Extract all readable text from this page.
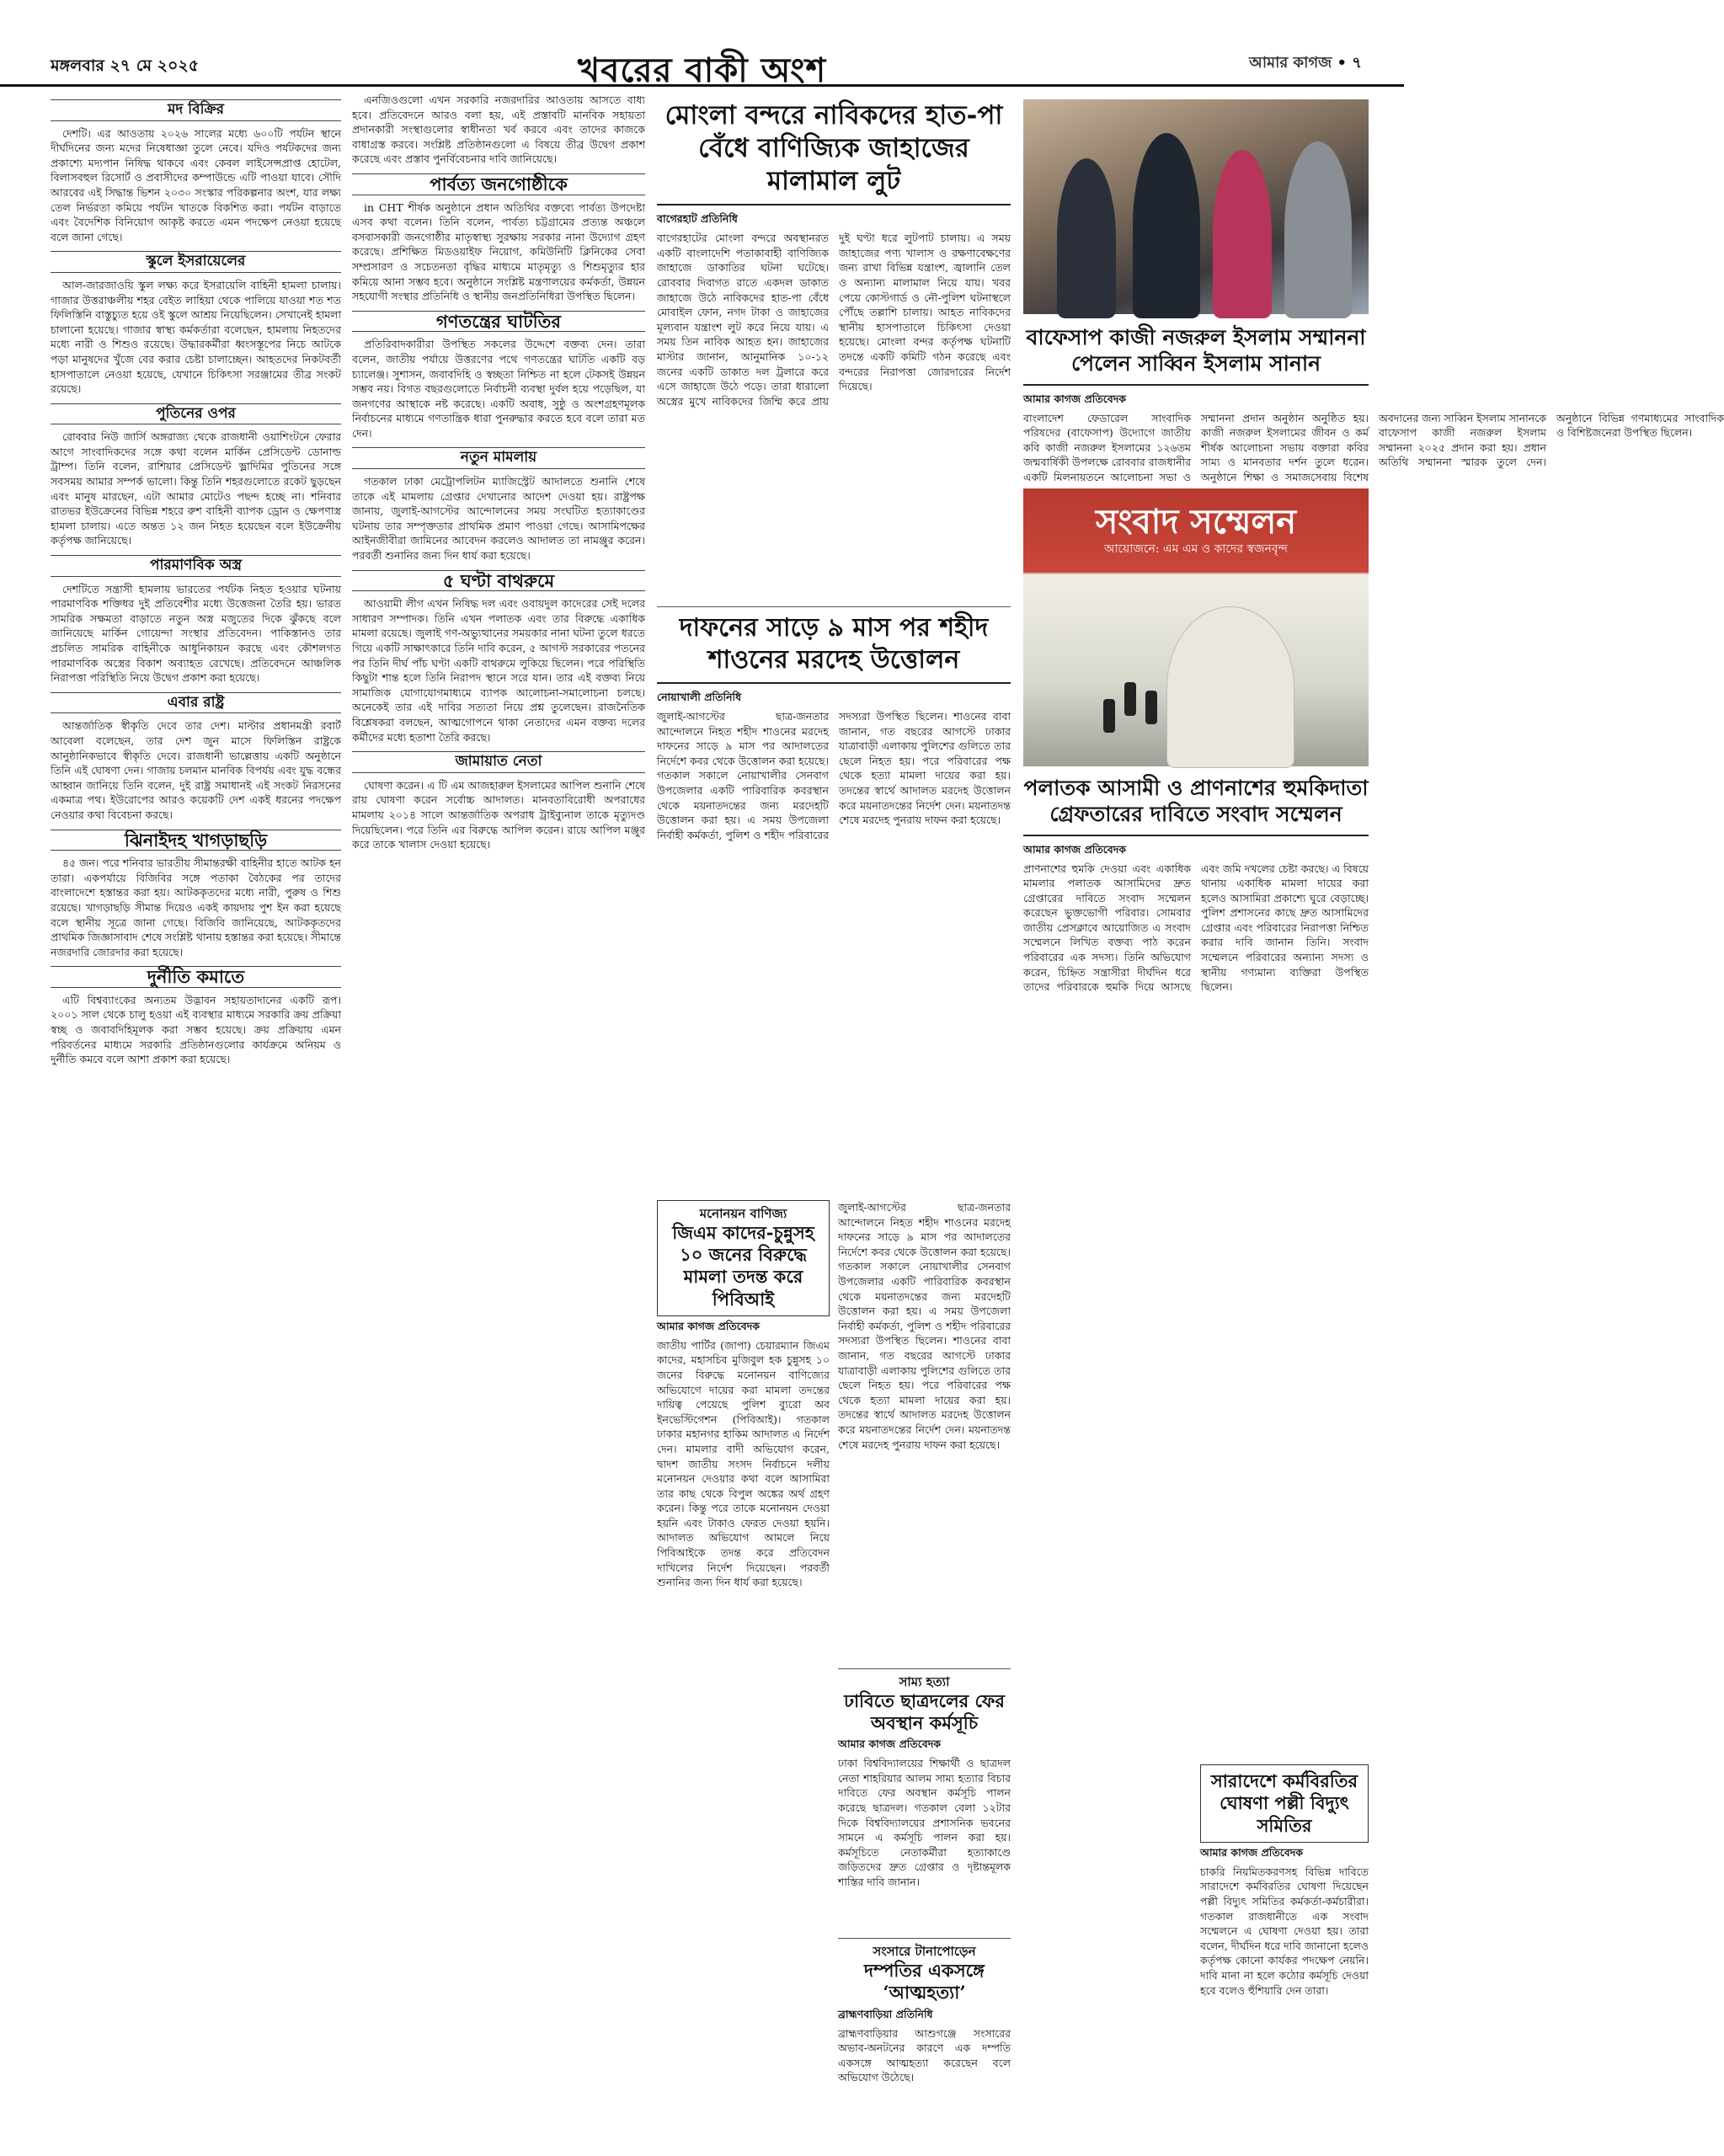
মঙ্গলবার ২৭ মে ২০২৫	খবরের বাকী অংশ	আমার কাগজ • ৭
মদ বিক্রির

দেশটি। এর আওতায় ২০২৬ সালের মধ্যে ৬০০টি পর্যটন স্থানে দীর্ঘদিনের জন্য মদের নিষেধাজ্ঞা তুলে নেবে। যদিও পর্যটকদের জন্য প্রকাশ্যে মদ্যপান নিষিদ্ধ থাকবে এবং কেবল লাইসেন্সপ্রাপ্ত হোটেল, বিলাসবহুল রিসোর্ট ও প্রবাসীদের কম্পাউন্ডে এটি পাওয়া যাবে। সৌদি আরবের এই সিদ্ধান্ত ভিশন ২০৩০ সংস্কার পরিকল্পনার অংশ, যার লক্ষ্য তেল নির্ভরতা কমিয়ে পর্যটন খাতকে বিকশিত করা। পর্যটন বাড়াতে এবং বৈদেশিক বিনিয়োগ আকৃষ্ট করতে এমন পদক্ষেপ নেওয়া হয়েছে বলে জানা গেছে।

স্কুলে ইসরায়েলের

আল-জারজাওয়ি স্কুল লক্ষ্য করে ইসরায়েলি বাহিনী হামলা চালায়। গাজার উত্তরাঞ্চলীয় শহর বেইত লাহিয়া থেকে পালিয়ে যাওয়া শত শত ফিলিস্তিনি বাস্তুচ্যুত হয়ে ওই স্কুলে আশ্রয় নিয়েছিলেন। সেখানেই হামলা চালানো হয়েছে। গাজার স্বাস্থ্য কর্মকর্তারা বলেছেন, হামলায় নিহতদের মধ্যে নারী ও শিশুও রয়েছে। উদ্ধারকর্মীরা ধ্বংসস্তূপের নিচে আটকে পড়া মানুষদের খুঁজে বের করার চেষ্টা চালাচ্ছেন। আহতদের নিকটবর্তী হাসপাতালে নেওয়া হয়েছে, যেখানে চিকিৎসা সরঞ্জামের তীব্র সংকট রয়েছে।

পুতিনের ওপর

রোববার নিউ জার্সি অঙ্গরাজ্য থেকে রাজধানী ওয়াশিংটনে ফেরার আগে সাংবাদিকদের সঙ্গে কথা বলেন মার্কিন প্রেসিডেন্ট ডোনাল্ড ট্রাম্প। তিনি বলেন, রাশিয়ার প্রেসিডেন্ট ভ্লাদিমির পুতিনের সঙ্গে সবসময় আমার সম্পর্ক ভালো। কিন্তু তিনি শহরগুলোতে রকেট ছুড়ছেন এবং মানুষ মারছেন, এটা আমার মোটেও পছন্দ হচ্ছে না। শনিবার রাতভর ইউক্রেনের বিভিন্ন শহরে রুশ বাহিনী ব্যাপক ড্রোন ও ক্ষেপণাস্ত্র হামলা চালায়। এতে অন্তত ১২ জন নিহত হয়েছেন বলে ইউক্রেনীয় কর্তৃপক্ষ জানিয়েছে।

পারমাণবিক অস্ত্র

দেশটিতে সন্ত্রাসী হামলায় ভারতের পর্যটক নিহত হওয়ার ঘটনায় পারমাণবিক শক্তিধর দুই প্রতিবেশীর মধ্যে উত্তেজনা তৈরি হয়। ভারত সামরিক সক্ষমতা বাড়াতে নতুন অস্ত্র মজুতের দিকে ঝুঁকছে বলে জানিয়েছে মার্কিন গোয়েন্দা সংস্থার প্রতিবেদন। পাকিস্তানও তার প্রচলিত সামরিক বাহিনীকে আধুনিকায়ন করছে এবং কৌশলগত পারমাণবিক অস্ত্রের বিকাশ অব্যাহত রেখেছে। প্রতিবেদনে আঞ্চলিক নিরাপত্তা পরিস্থিতি নিয়ে উদ্বেগ প্রকাশ করা হয়েছে।

এবার রাষ্ট্র

আন্তর্জাতিক স্বীকৃতি দেবে তার দেশ। মাল্টার প্রধানমন্ত্রী রবার্ট আবেলা বলেছেন, তার দেশ জুন মাসে ফিলিস্তিন রাষ্ট্রকে আনুষ্ঠানিকভাবে স্বীকৃতি দেবে। রাজধানী ভাল্লেত্তায় একটি অনুষ্ঠানে তিনি এই ঘোষণা দেন। গাজায় চলমান মানবিক বিপর্যয় এবং যুদ্ধ বন্ধের আহ্বান জানিয়ে তিনি বলেন, দুই রাষ্ট্র সমাধানই এই সংকট নিরসনের একমাত্র পথ। ইউরোপের আরও কয়েকটি দেশ একই ধরনের পদক্ষেপ নেওয়ার কথা বিবেচনা করছে।

ঝিনাইদহ খাগড়াছড়ি

৪৫ জন। পরে শনিবার ভারতীয় সীমান্তরক্ষী বাহিনীর হাতে আটক হন তারা। একপর্যায়ে বিজিবির সঙ্গে পতাকা বৈঠকের পর তাদের বাংলাদেশে হস্তান্তর করা হয়। আটককৃতদের মধ্যে নারী, পুরুষ ও শিশু রয়েছে। খাগড়াছড়ি সীমান্ত দিয়েও একই কায়দায় পুশ ইন করা হয়েছে বলে স্থানীয় সূত্রে জানা গেছে। বিজিবি জানিয়েছে, আটককৃতদের প্রাথমিক জিজ্ঞাসাবাদ শেষে সংশ্লিষ্ট থানায় হস্তান্তর করা হয়েছে। সীমান্তে নজরদারি জোরদার করা হয়েছে।

দুর্নীতি কমাতে

এটি বিশ্বব্যাংকের অন্যতম উদ্ভাবন সহায়তাদানের একটি রূপ। ২০০১ সাল থেকে চালু হওয়া এই ব্যবস্থার মাধ্যমে সরকারি ক্রয় প্রক্রিয়া স্বচ্ছ ও জবাবদিহিমূলক করা সম্ভব হয়েছে। ক্রয় প্রক্রিয়ায় এমন পরিবর্তনের মাধ্যমে সরকারি প্রতিষ্ঠানগুলোর কার্যক্রমে অনিয়ম ও দুর্নীতি কমবে বলে আশা প্রকাশ করা হয়েছে।

এনজিওগুলো এখন সরকারি নজরদারির আওতায় আসতে বাধ্য হবে। প্রতিবেদনে আরও বলা হয়, এই প্রস্তাবটি মানবিক সহায়তা প্রদানকারী সংস্থাগুলোর স্বাধীনতা খর্ব করবে এবং তাদের কাজকে বাধাগ্রস্ত করবে। সংশ্লিষ্ট প্রতিষ্ঠানগুলো এ বিষয়ে তীব্র উদ্বেগ প্রকাশ করেছে এবং প্রস্তাব পুনর্বিবেচনার দাবি জানিয়েছে।

পার্বত্য জনগোষ্ঠীকে

in CHT শীর্ষক অনুষ্ঠানে প্রধান অতিথির বক্তব্যে পার্বত্য উপদেষ্টা এসব কথা বলেন। তিনি বলেন, পার্বত্য চট্টগ্রামের প্রত্যন্ত অঞ্চলে বসবাসকারী জনগোষ্ঠীর মাতৃস্বাস্থ্য সুরক্ষায় সরকার নানা উদ্যোগ গ্রহণ করেছে। প্রশিক্ষিত মিডওয়াইফ নিয়োগ, কমিউনিটি ক্লিনিকের সেবা সম্প্রসারণ ও সচেতনতা বৃদ্ধির মাধ্যমে মাতৃমৃত্যু ও শিশুমৃত্যুর হার কমিয়ে আনা সম্ভব হবে। অনুষ্ঠানে সংশ্লিষ্ট মন্ত্রণালয়ের কর্মকর্তা, উন্নয়ন সহযোগী সংস্থার প্রতিনিধি ও স্থানীয় জনপ্রতিনিধিরা উপস্থিত ছিলেন।

গণতন্ত্রের ঘাটতির

প্রতিরিবাদকারীরা উপস্থিত সকলের উদ্দেশে বক্তব্য দেন। তারা বলেন, জাতীয় পর্যায়ে উত্তরণের পথে গণতন্ত্রের ঘাটতি একটি বড় চ্যালেঞ্জ। সুশাসন, জবাবদিহি ও স্বচ্ছতা নিশ্চিত না হলে টেকসই উন্নয়ন সম্ভব নয়। বিগত বছরগুলোতে নির্বাচনী ব্যবস্থা দুর্বল হয়ে পড়েছিল, যা জনগণের আস্থাকে নষ্ট করেছে। একটি অবাধ, সুষ্ঠু ও অংশগ্রহণমূলক নির্বাচনের মাধ্যমে গণতান্ত্রিক ধারা পুনরুদ্ধার করতে হবে বলে তারা মত দেন।

নতুন মামলায়

গতকাল ঢাকা মেট্রোপলিটন ম্যাজিস্ট্রেট আদালতে শুনানি শেষে তাকে এই মামলায় গ্রেপ্তার দেখানোর আদেশ দেওয়া হয়। রাষ্ট্রপক্ষ জানায়, জুলাই-আগস্টের আন্দোলনের সময় সংঘটিত হত্যাকাণ্ডের ঘটনায় তার সম্পৃক্ততার প্রাথমিক প্রমাণ পাওয়া গেছে। আসামিপক্ষের আইনজীবীরা জামিনের আবেদন করলেও আদালত তা নামঞ্জুর করেন। পরবর্তী শুনানির জন্য দিন ধার্য করা হয়েছে।

৫ ঘণ্টা বাথরুমে

আওয়ামী লীগ এখন নিষিদ্ধ দল এবং ওবায়দুল কাদেরের সেই দলের সাধারণ সম্পাদক। তিনি এখন পলাতক এবং তার বিরুদ্ধে একাধিক মামলা রয়েছে। জুলাই গণ-অভ্যুত্থানের সময়কার নানা ঘটনা তুলে ধরতে গিয়ে একটি সাক্ষাৎকারে তিনি দাবি করেন, ৫ আগস্ট সরকারের পতনের পর তিনি দীর্ঘ পাঁচ ঘণ্টা একটি বাথরুমে লুকিয়ে ছিলেন। পরে পরিস্থিতি কিছুটা শান্ত হলে তিনি নিরাপদ স্থানে সরে যান। তার এই বক্তব্য নিয়ে সামাজিক যোগাযোগমাধ্যমে ব্যাপক আলোচনা-সমালোচনা চলছে। অনেকেই তার এই দাবির সত্যতা নিয়ে প্রশ্ন তুলেছেন। রাজনৈতিক বিশ্লেষকরা বলছেন, আত্মগোপনে থাকা নেতাদের এমন বক্তব্য দলের কর্মীদের মধ্যে হতাশা তৈরি করছে।

জামায়াত নেতা

ঘোষণা করেন। এ টি এম আজহারুল ইসলামের আপিল শুনানি শেষে রায় ঘোষণা করেন সর্বোচ্চ আদালত। মানবতাবিরোধী অপরাধের মামলায় ২০১৪ সালে আন্তর্জাতিক অপরাধ ট্রাইব্যুনাল তাকে মৃত্যুদণ্ড দিয়েছিলেন। পরে তিনি এর বিরুদ্ধে আপিল করেন। রায়ে আপিল মঞ্জুর করে তাকে খালাস দেওয়া হয়েছে।

মোংলা বন্দরে নাবিকদের হাত-পা বেঁধে বাণিজ্যিক জাহাজের মালামাল লুট
বাগেরহাট প্রতিনিধি
বাগেরহাটের মোংলা বন্দরে অবস্থানরত একটি বাংলাদেশি পতাকাবাহী বাণিজ্যিক জাহাজে ডাকাতির ঘটনা ঘটেছে। রোববার দিবাগত রাতে একদল ডাকাত জাহাজে উঠে নাবিকদের হাত-পা বেঁধে মোবাইল ফোন, নগদ টাকা ও জাহাজের মূল্যবান যন্ত্রাংশ লুট করে নিয়ে যায়। এ সময় তিন নাবিক আহত হন। জাহাজের মাস্টার জানান, আনুমানিক ১০-১২ জনের একটি ডাকাত দল ট্রলারে করে এসে জাহাজে উঠে পড়ে। তারা ধারালো অস্ত্রের মুখে নাবিকদের জিম্মি করে প্রায় দুই ঘণ্টা ধরে লুটপাট চালায়। এ সময় জাহাজের পণ্য খালাস ও রক্ষণাবেক্ষণের জন্য রাখা বিভিন্ন যন্ত্রাংশ, জ্বালানি তেল ও অন্যান্য মালামাল নিয়ে যায়। খবর পেয়ে কোস্টগার্ড ও নৌ-পুলিশ ঘটনাস্থলে পৌঁছে তল্লাশি চালায়। আহত নাবিকদের স্থানীয় হাসপাতালে চিকিৎসা দেওয়া হয়েছে। মোংলা বন্দর কর্তৃপক্ষ ঘটনাটি তদন্তে একটি কমিটি গঠন করেছে এবং বন্দরের নিরাপত্তা জোরদারের নির্দেশ দিয়েছে।
দাফনের সাড়ে ৯ মাস পর শহীদ শাওনের মরদেহ উত্তোলন
নোয়াখালী প্রতিনিধি
জুলাই-আগস্টের ছাত্র-জনতার আন্দোলনে নিহত শহীদ শাওনের মরদেহ দাফনের সাড়ে ৯ মাস পর আদালতের নির্দেশে কবর থেকে উত্তোলন করা হয়েছে। গতকাল সকালে নোয়াখালীর সেনবাগ উপজেলার একটি পারিবারিক কবরস্থান থেকে ময়নাতদন্তের জন্য মরদেহটি উত্তোলন করা হয়। এ সময় উপজেলা নির্বাহী কর্মকর্তা, পুলিশ ও শহীদ পরিবারের সদস্যরা উপস্থিত ছিলেন। শাওনের বাবা জানান, গত বছরের আগস্টে ঢাকার যাত্রাবাড়ী এলাকায় পুলিশের গুলিতে তার ছেলে নিহত হয়। পরে পরিবারের পক্ষ থেকে হত্যা মামলা দায়ের করা হয়। তদন্তের স্বার্থে আদালত মরদেহ উত্তোলন করে ময়নাতদন্তের নির্দেশ দেন। ময়নাতদন্ত শেষে মরদেহ পুনরায় দাফন করা হয়েছে।
মনোনয়ন বাণিজ্য
জিএম কাদের-চুন্নুসহ ১০ জনের বিরুদ্ধে মামলা তদন্ত করে পিবিআই
আমার কাগজ প্রতিবেদক
জাতীয় পার্টির (জাপা) চেয়ারম্যান জিএম কাদের, মহাসচিব মুজিবুল হক চুন্নুসহ ১০ জনের বিরুদ্ধে মনোনয়ন বাণিজ্যের অভিযোগে দায়ের করা মামলা তদন্তের দায়িত্ব পেয়েছে পুলিশ ব্যুরো অব ইনভেস্টিগেশন (পিবিআই)। গতকাল ঢাকার মহানগর হাকিম আদালত এ নির্দেশ দেন। মামলার বাদী অভিযোগ করেন, দ্বাদশ জাতীয় সংসদ নির্বাচনে দলীয় মনোনয়ন দেওয়ার কথা বলে আসামিরা তার কাছ থেকে বিপুল অঙ্কের অর্থ গ্রহণ করেন। কিন্তু পরে তাকে মনোনয়ন দেওয়া হয়নি এবং টাকাও ফেরত দেওয়া হয়নি। আদালত অভিযোগ আমলে নিয়ে পিবিআইকে তদন্ত করে প্রতিবেদন দাখিলের নির্দেশ দিয়েছেন। পরবর্তী শুনানির জন্য দিন ধার্য করা হয়েছে।
জুলাই-আগস্টের ছাত্র-জনতার আন্দোলনে নিহত শহীদ শাওনের মরদেহ দাফনের সাড়ে ৯ মাস পর আদালতের নির্দেশে কবর থেকে উত্তোলন করা হয়েছে। গতকাল সকালে নোয়াখালীর সেনবাগ উপজেলার একটি পারিবারিক কবরস্থান থেকে ময়নাতদন্তের জন্য মরদেহটি উত্তোলন করা হয়। এ সময় উপজেলা নির্বাহী কর্মকর্তা, পুলিশ ও শহীদ পরিবারের সদস্যরা উপস্থিত ছিলেন। শাওনের বাবা জানান, গত বছরের আগস্টে ঢাকার যাত্রাবাড়ী এলাকায় পুলিশের গুলিতে তার ছেলে নিহত হয়। পরে পরিবারের পক্ষ থেকে হত্যা মামলা দায়ের করা হয়। তদন্তের স্বার্থে আদালত মরদেহ উত্তোলন করে ময়নাতদন্তের নির্দেশ দেন। ময়নাতদন্ত শেষে মরদেহ পুনরায় দাফন করা হয়েছে।
সাম্য হত্যা
ঢাবিতে ছাত্রদলের ফের অবস্থান কর্মসূচি
আমার কাগজ প্রতিবেদক
ঢাকা বিশ্ববিদ্যালয়ের শিক্ষার্থী ও ছাত্রদল নেতা শাহরিয়ার আলম সাম্য হত্যার বিচার দাবিতে ফের অবস্থান কর্মসূচি পালন করেছে ছাত্রদল। গতকাল বেলা ১২টার দিকে বিশ্ববিদ্যালয়ের প্রশাসনিক ভবনের সামনে এ কর্মসূচি পালন করা হয়। কর্মসূচিতে নেতাকর্মীরা হত্যাকাণ্ডে জড়িতদের দ্রুত গ্রেপ্তার ও দৃষ্টান্তমূলক শাস্তির দাবি জানান।
সংসারে টানাপোড়েন
দম্পতির একসঙ্গে ‘আত্মহত্যা’
ব্রাহ্মণবাড়িয়া প্রতিনিধি
ব্রাহ্মণবাড়িয়ার আশুগঞ্জে সংসারের অভাব-অনটনের কারণে এক দম্পতি একসঙ্গে আত্মহত্যা করেছেন বলে অভিযোগ উঠেছে।
বাফেসাপ কাজী নজরুল ইসলাম সম্মাননা পেলেন সাব্বিন ইসলাম সানান
আমার কাগজ প্রতিবেদক
বাংলাদেশ ফেডারেল সাংবাদিক পরিষদের (বাফেসাপ) উদ্যোগে জাতীয় কবি কাজী নজরুল ইসলামের ১২৬তম জন্মবার্ষিকী উপলক্ষে রোববার রাজধানীর একটি মিলনায়তনে আলোচনা সভা ও সম্মাননা প্রদান অনুষ্ঠান অনুষ্ঠিত হয়। কাজী নজরুল ইসলামের জীবন ও কর্ম শীর্ষক আলোচনা সভায় বক্তারা কবির সাম্য ও মানবতার দর্শন তুলে ধরেন। অনুষ্ঠানে শিক্ষা ও সমাজসেবায় বিশেষ অবদানের জন্য সাব্বিন ইসলাম সানানকে বাফেসাপ কাজী নজরুল ইসলাম সম্মাননা ২০২৫ প্রদান করা হয়। প্রধান অতিথি সম্মাননা স্মারক তুলে দেন। অনুষ্ঠানে বিভিন্ন গণমাধ্যমের সাংবাদিক ও বিশিষ্টজনেরা উপস্থিত ছিলেন।
সংবাদ সম্মেলন
আয়োজনে: এম এম ও কাদের স্বজনবৃন্দ
পলাতক আসামী ও প্রাণনাশের হুমকিদাতা গ্রেফতারের দাবিতে সংবাদ সম্মেলন
আমার কাগজ প্রতিবেদক
প্রাণনাশের হুমকি দেওয়া এবং একাধিক মামলার পলাতক আসামিদের দ্রুত গ্রেপ্তারের দাবিতে সংবাদ সম্মেলন করেছেন ভুক্তভোগী পরিবার। সোমবার জাতীয় প্রেসক্লাবে আয়োজিত এ সংবাদ সম্মেলনে লিখিত বক্তব্য পাঠ করেন পরিবারের এক সদস্য। তিনি অভিযোগ করেন, চিহ্নিত সন্ত্রাসীরা দীর্ঘদিন ধরে তাদের পরিবারকে হুমকি দিয়ে আসছে এবং জমি দখলের চেষ্টা করছে। এ বিষয়ে থানায় একাধিক মামলা দায়ের করা হলেও আসামিরা প্রকাশ্যে ঘুরে বেড়াচ্ছে। পুলিশ প্রশাসনের কাছে দ্রুত আসামিদের গ্রেপ্তার এবং পরিবারের নিরাপত্তা নিশ্চিত করার দাবি জানান তিনি। সংবাদ সম্মেলনে পরিবারের অন্যান্য সদস্য ও স্থানীয় গণ্যমান্য ব্যক্তিরা উপস্থিত ছিলেন।
সারাদেশে কর্মবিরতির ঘোষণা পল্লী বিদ্যুৎ সমিতির
আমার কাগজ প্রতিবেদক
চাকরি নিয়মিতকরণসহ বিভিন্ন দাবিতে সারাদেশে কর্মবিরতির ঘোষণা দিয়েছেন পল্লী বিদ্যুৎ সমিতির কর্মকর্তা-কর্মচারীরা। গতকাল রাজধানীতে এক সংবাদ সম্মেলনে এ ঘোষণা দেওয়া হয়। তারা বলেন, দীর্ঘদিন ধরে দাবি জানানো হলেও কর্তৃপক্ষ কোনো কার্যকর পদক্ষেপ নেয়নি। দাবি মানা না হলে কঠোর কর্মসূচি দেওয়া হবে বলেও হুঁশিয়ারি দেন তারা।
